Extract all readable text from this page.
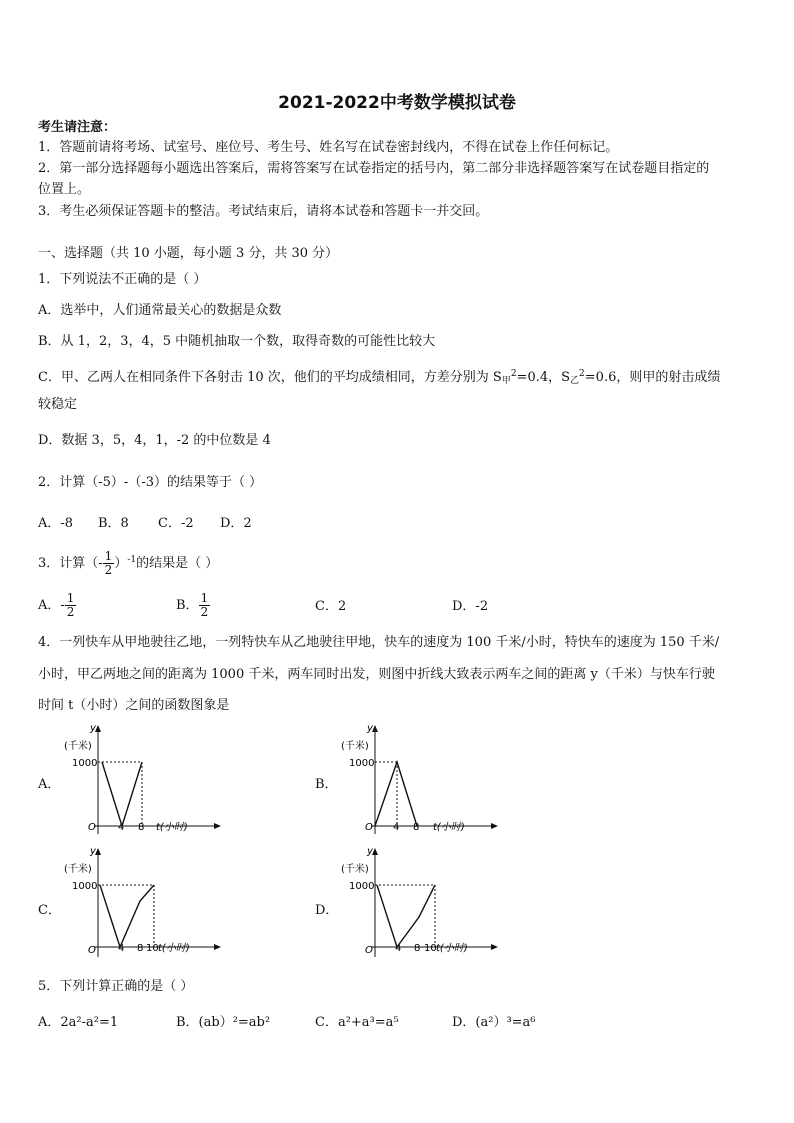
2021-2022中考数学模拟试卷
考生请注意：
1．答题前请将考场、试室号、座位号、考生号、姓名写在试卷密封线内，不得在试卷上作任何标记。
2．第一部分选择题每小题选出答案后，需将答案写在试卷指定的括号内，第二部分非选择题答案写在试卷题目指定的
位置上。
3．考生必须保证答题卡的整洁。考试结束后，请将本试卷和答题卡一并交回。
一、选择题（共 10 小题，每小题 3 分，共 30 分）
1．下列说法不正确的是（ ）
A．选举中，人们通常最关心的数据是众数
B．从 1，2，3，4，5 中随机抽取一个数，取得奇数的可能性比较大
C．甲、乙两人在相同条件下各射击 10 次，他们的平均成绩相同，方差分别为 $S_甲^2=0.4$，$S_乙^2=0.6$，则甲的射击成绩
较稳定
D．数据 3，5，4，1，-2 的中位数是 4
2．计算（-5）-（-3）的结果等于（ ）
A．-8 B．8 C．-2 D．2
3．计算（- $\frac{1}{2} )^{-1}$的结果是（ ）
A．- $\frac{1}{2}$	B． $\frac{1}{2}$	C．2	D．-2
4．一列快车从甲地驶往乙地，一列特快车从乙地驶往甲地，快车的速度为 100 千米/小时，特快车的速度为 150 千米/
小时，甲乙两地之间的距离为 1000 千米，两车同时出发，则图中折线大致表示两车之间的距离 y（千米）与快车行驶
时间 t（小时）之间的函数图象是
A．	B．
C．	D．
y
(千米)
1000
O 4 8 t(小时)
y
(千米)
1000
O 4 8 t(小时)
y
(千米)
1000
O 4 8 10 t(小时)
y
(千米)
1000
O 4 8 10 t(小时)
5．下列计算正确的是（ ）
A．2a²-a²=1	B．(ab）²=ab²	C．a²+a³=a⁵	D．(a²）³=a⁶
